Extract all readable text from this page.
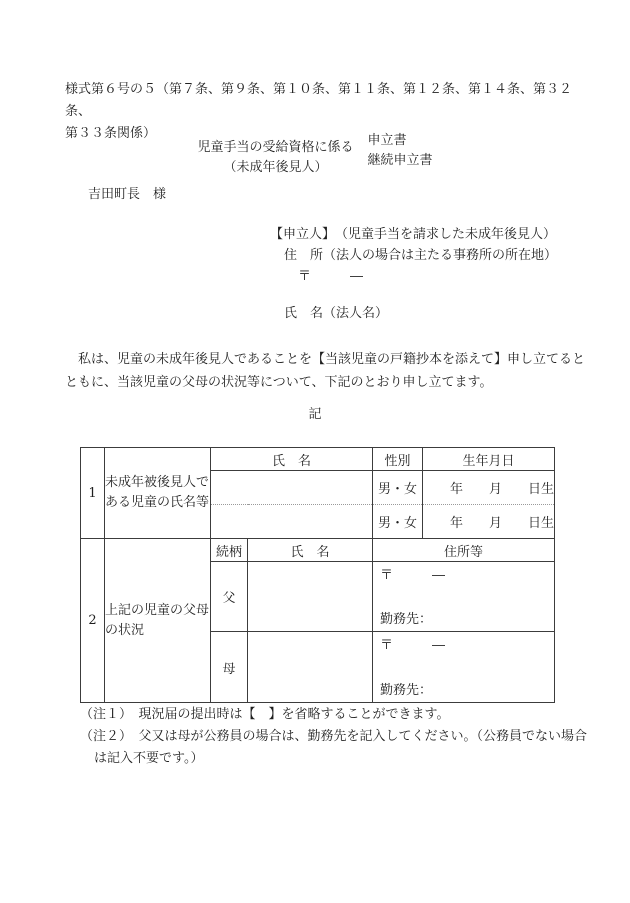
様式第６号の５（第７条、第９条、第１０条、第１１条、第１２条、第１４条、第３２条、
第３３条関係）
児童手当の受給資格に係る
（未成年後見人）
申立書
継続申立書
吉田町長　様
【申立人】　（児童手当を請求した未成年後見人）
住　所（法人の場合は主たる事務所の所在地）
〒　　　―
氏　名（法人名）
　私は、児童の未成年後見人であることを【当該児童の戸籍抄本を添えて】申し立てると
ともに、当該児童の父母の状況等について、下記のとおり申し立てます。
記
1	未成年被後見人で
ある児童の氏名等	氏　名		性別	生年月日
				男・女	年　　月　　日生
				男・女	年　　月　　日生
2	上記の児童の父母
の状況	続柄	氏　名	住所等	
		父		〒　　　―
勤務先：	

		母		〒　　　―
勤務先：	
（注１）　現況届の提出時は【　】を省略することができます。
（注２）　父又は母が公務員の場合は、勤務先を記入してください。（公務員でない場合
は記入不要です。）
